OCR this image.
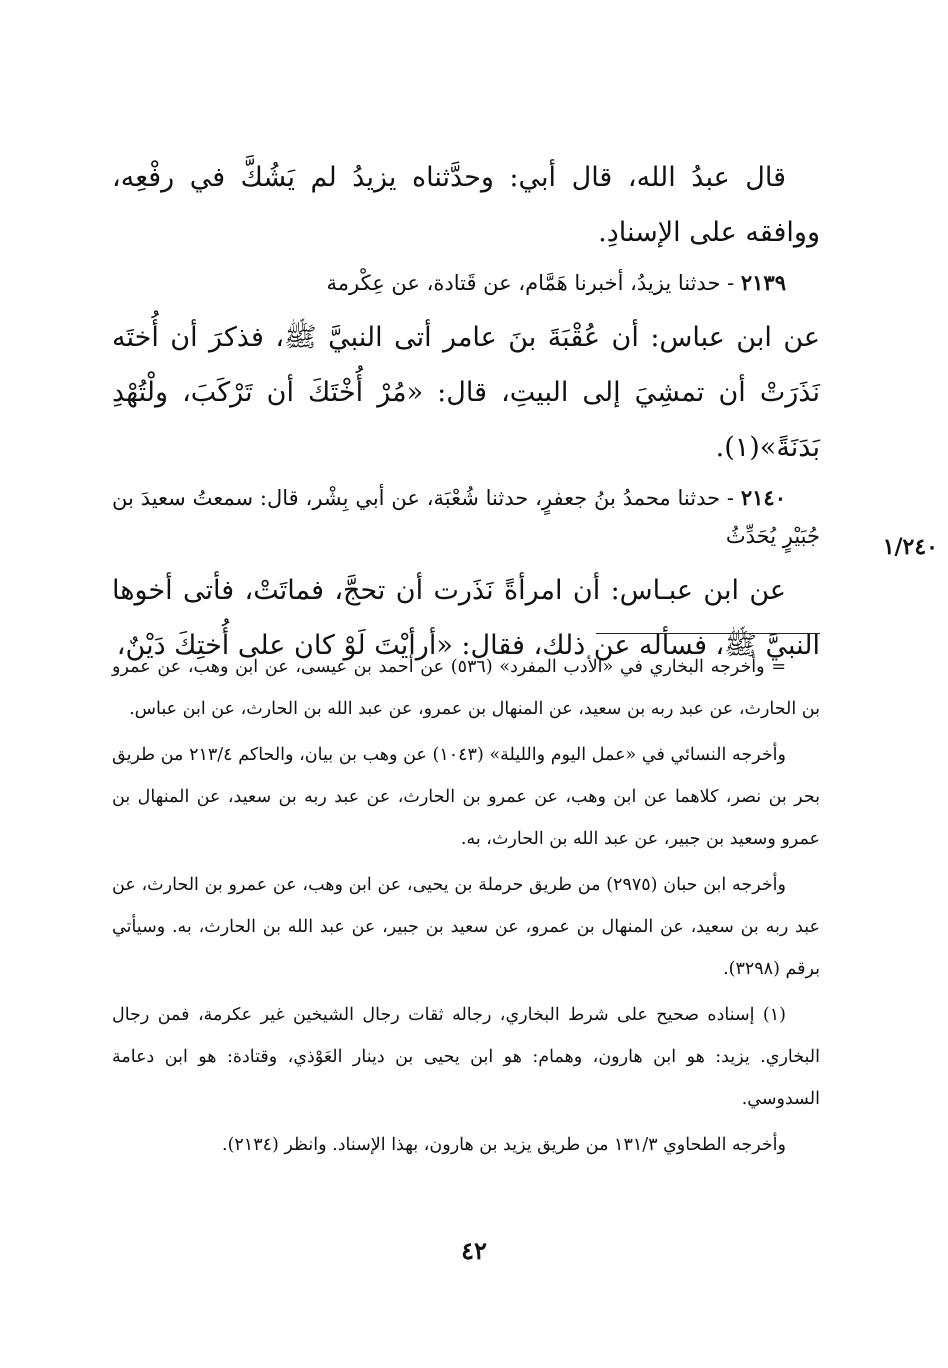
قال عبدُ الله، قال أبي: وحدَّثناه يزيدُ لم يَشُكَّ في رفْعِه، ووافقه على الإسنادِ.

٢١٣٩ - حدثنا يزيدُ، أخبرنا هَمَّام، عن قَتادة، عن عِكْرمة

عن ابن عباس: أن عُقْبَةَ بنَ عامر أتى النبيَّ ﷺ، فذكرَ أن أُختَه نَذَرَتْ أن تمشِيَ إلى البيتِ، قال: «مُرْ أُخْتَكَ أن تَرْكَبَ، ولْتُهْدِ بَدَنَةً»(١).

٢١٤٠ - حدثنا محمدُ بنُ جعفرٍ، حدثنا شُعْبَة، عن أبي بِشْر، قال: سمعتُ سعيدَ بن جُبَيْرٍ يُحَدِّثُ

عن ابن عبـاس: أن امرأةً نَذَرت أن تحجَّ، فماتَتْ، فأتى أخوها النبيَّ ﷺ، فسأله عن ذلك، فقال: «أرأيْتَ لَوْ كان على أُختِكَ دَيْنٌ،

١/٢٤٠

= وأخرجه البخاري في «الأدب المفرد» (٥٣٦) عن أحمد بن عيسى، عن ابن وهب، عن عمرو بن الحارث، عن عبد ربه بن سعيد، عن المنهال بن عمرو، عن عبد الله بن الحارث، عن ابن عباس.

وأخرجه النسائي في «عمل اليوم والليلة» (١٠٤٣) عن وهب بن بيان، والحاكم ٢١٣/٤ من طريق بحر بن نصر، كلاهما عن ابن وهب، عن عمرو بن الحارث، عن عبد ربه بن سعيد، عن المنهال بن عمرو وسعيد بن جبير، عن عبد الله بن الحارث، به.

وأخرجه ابن حبان (٢٩٧٥) من طريق حرملة بن يحيى، عن ابن وهب، عن عمرو بن الحارث، عن عبد ربه بن سعيد، عن المنهال بن عمرو، عن سعيد بن جبير، عن عبد الله بن الحارث، به. وسيأتي برقم (٣٢٩٨).

(١) إسناده صحيح على شرط البخاري، رجاله ثقات رجال الشيخين غير عكرمة، فمن رجال البخاري. يزيد: هو ابن هارون، وهمام: هو ابن يحيى بن دينار العَوْذي، وقتادة: هو ابن دعامة السدوسي.

وأخرجه الطحاوي ١٣١/٣ من طريق يزيد بن هارون، بهذا الإسناد. وانظر (٢١٣٤).

٤٢
